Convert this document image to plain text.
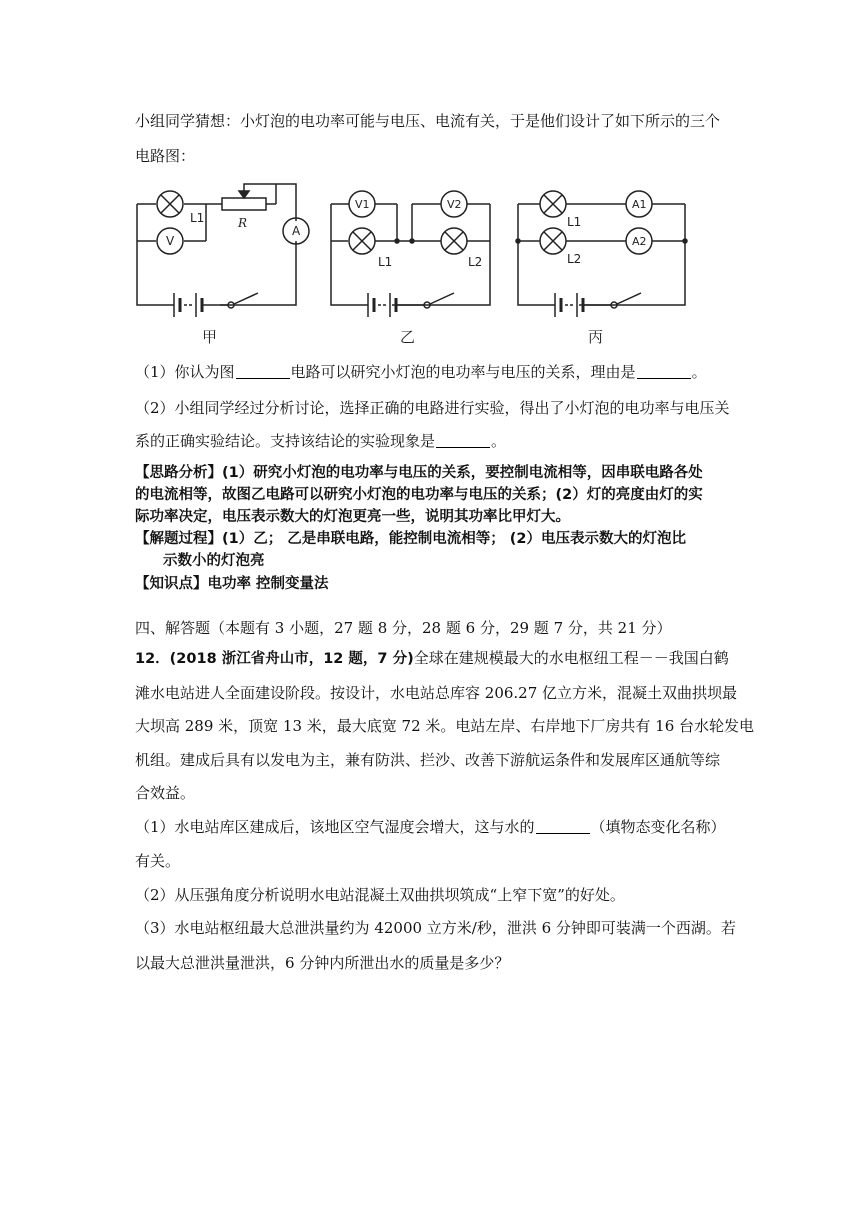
小组同学猜想：小灯泡的电功率可能与电压、电流有关，于是他们设计了如下所示的三个
电路图：
L1	R
V
A
V1	V2
L1	L2
A1
A2
L1
L2
甲	乙	丙
（1）你认为图	电路可以研究小灯泡的电功率与电压的关系，理由是	。
（2）小组同学经过分析讨论，选择正确的电路进行实验，得出了小灯泡的电功率与电压关
系的正确实验结论。支持该结论的实验现象是	。
【思路分析】(1）研究小灯泡的电功率与电压的关系，要控制电流相等，因串联电路各处
的电流相等，故图乙电路可以研究小灯泡的电功率与电压的关系；(2）灯的亮度由灯的实
际功率决定，电压表示数大的灯泡更亮一些，说明其功率比甲灯大。
【解题过程】(1）乙； 乙是串联电路，能控制电流相等； (2）电压表示数大的灯泡比
示数小的灯泡亮
【知识点】电功率 控制变量法
四、解答题（本题有 3 小题，27 题 8 分，28 题 6 分，29 题 7 分，共 21 分）
12．(2018 浙江省舟山市，12 题，7 分)全球在建规模最大的水电枢纽工程－－我国白鹤
滩水电站进人全面建设阶段。按设计，水电站总库容 206.27 亿立方米，混凝土双曲拱坝最
大坝高 289 米，顶宽 13 米，最大底宽 72 米。电站左岸、右岸地下厂房共有 16 台水轮发电
机组。建成后具有以发电为主，兼有防洪、拦沙、改善下游航运条件和发展库区通航等综
合效益。
（1）水电站库区建成后，该地区空气湿度会增大，这与水的	（填物态变化名称）
有关。
（2）从压强角度分析说明水电站混凝土双曲拱坝筑成“上窄下宽”的好处。
（3）水电站枢纽最大总泄洪量约为 42000 立方米/秒，泄洪 6 分钟即可装满一个西湖。若
以最大总泄洪量泄洪，6 分钟内所泄出水的质量是多少？
